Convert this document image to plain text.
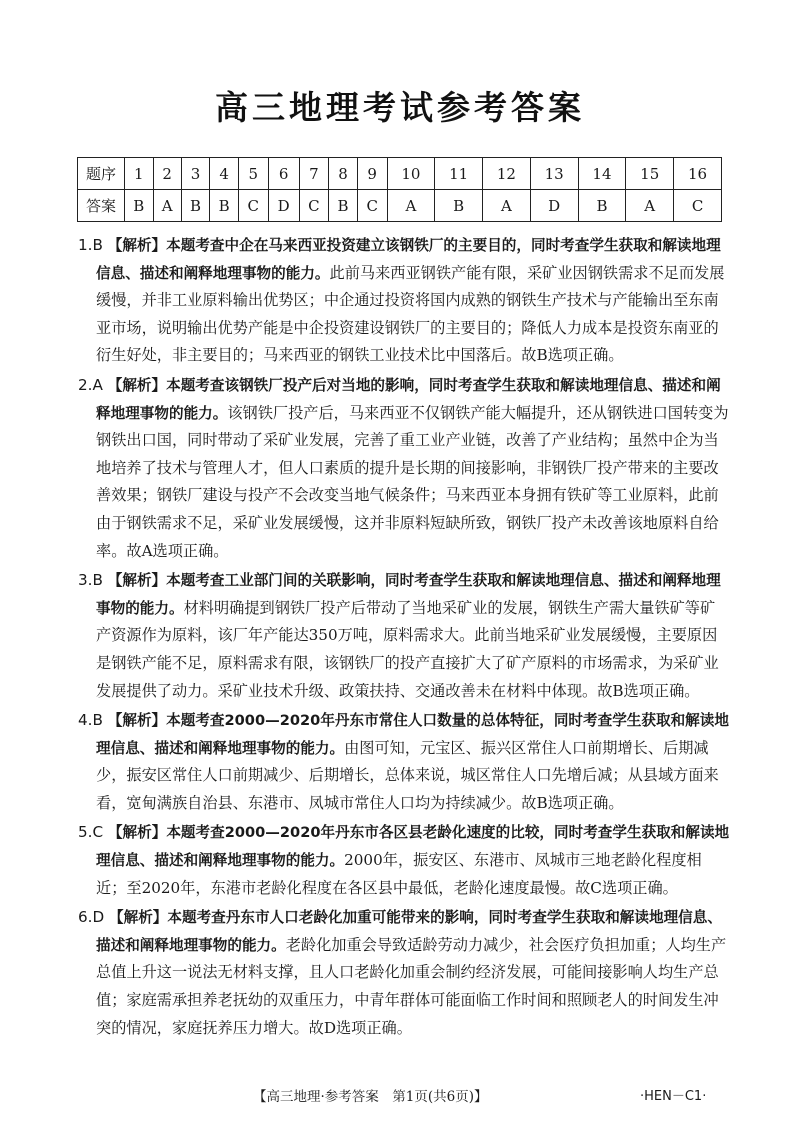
高三地理考试参考答案
题序	1	2	3	4	5	6	7	8	9	10	11	12	13	14	15	16
答案	B	A	B	B	C	D	C	B	C	A	B	A	D	B	A	C

1.B 【解析】本题考查中企在马来西亚投资建立该钢铁厂的主要目的，同时考查学生获取和解读地理信息、描述和阐释地理事物的能力。此前马来西亚钢铁产能有限，采矿业因钢铁需求不足而发展缓慢，并非工业原料输出优势区；中企通过投资将国内成熟的钢铁生产技术与产能输出至东南亚市场，说明输出优势产能是中企投资建设钢铁厂的主要目的；降低人力成本是投资东南亚的衍生好处，非主要目的；马来西亚的钢铁工业技术比中国落后。故B选项正确。

2.A 【解析】本题考查该钢铁厂投产后对当地的影响，同时考查学生获取和解读地理信息、描述和阐释地理事物的能力。该钢铁厂投产后，马来西亚不仅钢铁产能大幅提升，还从钢铁进口国转变为钢铁出口国，同时带动了采矿业发展，完善了重工业产业链，改善了产业结构；虽然中企为当地培养了技术与管理人才，但人口素质的提升是长期的间接影响，非钢铁厂投产带来的主要改善效果；钢铁厂建设与投产不会改变当地气候条件；马来西亚本身拥有铁矿等工业原料，此前由于钢铁需求不足，采矿业发展缓慢，这并非原料短缺所致，钢铁厂投产未改善该地原料自给率。故A选项正确。

3.B 【解析】本题考查工业部门间的关联影响，同时考查学生获取和解读地理信息、描述和阐释地理事物的能力。材料明确提到钢铁厂投产后带动了当地采矿业的发展，钢铁生产需大量铁矿等矿产资源作为原料，该厂年产能达350万吨，原料需求大。此前当地采矿业发展缓慢，主要原因是钢铁产能不足，原料需求有限，该钢铁厂的投产直接扩大了矿产原料的市场需求，为采矿业发展提供了动力。采矿业技术升级、政策扶持、交通改善未在材料中体现。故B选项正确。

4.B 【解析】本题考查2000—2020年丹东市常住人口数量的总体特征，同时考查学生获取和解读地理信息、描述和阐释地理事物的能力。由图可知，元宝区、振兴区常住人口前期增长、后期减少，振安区常住人口前期减少、后期增长，总体来说，城区常住人口先增后减；从县域方面来看，宽甸满族自治县、东港市、凤城市常住人口均为持续减少。故B选项正确。

5.C 【解析】本题考查2000—2020年丹东市各区县老龄化速度的比较，同时考查学生获取和解读地理信息、描述和阐释地理事物的能力。2000年，振安区、东港市、凤城市三地老龄化程度相近；至2020年，东港市老龄化程度在各区县中最低，老龄化速度最慢。故C选项正确。

6.D 【解析】本题考查丹东市人口老龄化加重可能带来的影响，同时考查学生获取和解读地理信息、描述和阐释地理事物的能力。老龄化加重会导致适龄劳动力减少，社会医疗负担加重；人均生产总值上升这一说法无材料支撑，且人口老龄化加重会制约经济发展，可能间接影响人均生产总值；家庭需承担养老抚幼的双重压力，中青年群体可能面临工作时间和照顾老人的时间发生冲突的情况，家庭抚养压力增大。故D选项正确。

【高三地理·参考答案　第1页(共6页)】	·HEN－C1·
